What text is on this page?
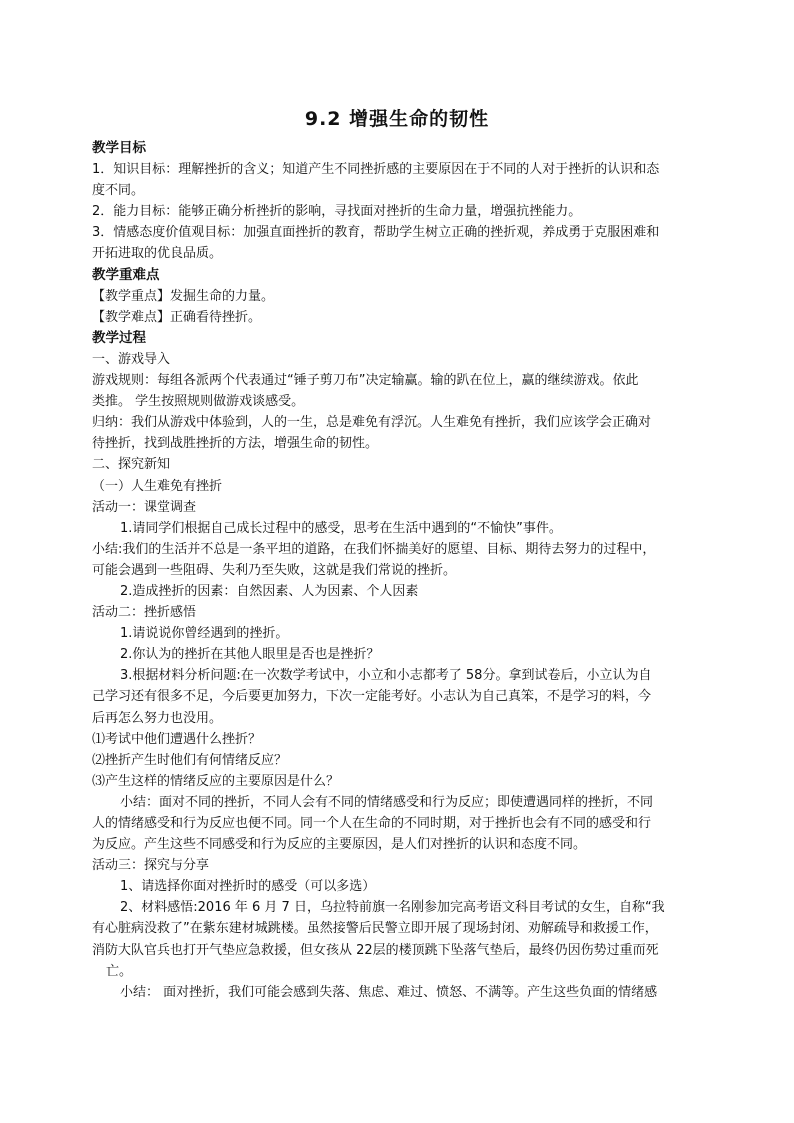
9.2 增强生命的韧性
教学目标
1．知识目标：理解挫折的含义；知道产生不同挫折感的主要原因在于不同的人对于挫折的认识和态
度不同。
2．能力目标：能够正确分析挫折的影响，寻找面对挫折的生命力量，增强抗挫能力。
3．情感态度价值观目标：加强直面挫折的教育，帮助学生树立正确的挫折观，养成勇于克服困难和
开拓进取的优良品质。
教学重难点
【教学重点】发掘生命的力量。
【教学难点】正确看待挫折。
教学过程
一、游戏导入
游戏规则：每组各派两个代表通过“锤子剪刀布”决定输赢。输的趴在位上，赢的继续游戏。依此
类推。 学生按照规则做游戏谈感受。
归纳：我们从游戏中体验到，人的一生，总是难免有浮沉。人生难免有挫折，我们应该学会正确对
待挫折，找到战胜挫折的方法，增强生命的韧性。
二、探究新知
（一）人生难免有挫折
活动一：课堂调查
1.请同学们根据自己成长过程中的感受，思考在生活中遇到的“不愉快”事件。
小结:我们的生活并不总是一条平坦的道路，在我们怀揣美好的愿望、目标、期待去努力的过程中，
可能会遇到一些阻碍、失利乃至失败，这就是我们常说的挫折。
2.造成挫折的因素：自然因素、人为因素、个人因素
活动二：挫折感悟
1.请说说你曾经遇到的挫折。
2.你认为的挫折在其他人眼里是否也是挫折？
3.根据材料分析问题:在一次数学考试中，小立和小志都考了 58分。拿到试卷后，小立认为自
己学习还有很多不足，今后要更加努力，下次一定能考好。小志认为自己真笨，不是学习的料，今
后再怎么努力也没用。
⑴考试中他们遭遇什么挫折？
⑵挫折产生时他们有何情绪反应？
⑶产生这样的情绪反应的主要原因是什么？
小结：面对不同的挫折，不同人会有不同的情绪感受和行为反应；即使遭遇同样的挫折，不同
人的情绪感受和行为反应也便不同。同一个人在生命的不同时期，对于挫折也会有不同的感受和行
为反应。产生这些不同感受和行为反应的主要原因，是人们对挫折的认识和态度不同。
活动三：探究与分享
1、请选择你面对挫折时的感受（可以多选）
2、材料感悟:2016 年 6 月 7 日，乌拉特前旗一名刚参加完高考语文科目考试的女生，自称“我
有心脏病没救了”在紫东建材城跳楼。虽然接警后民警立即开展了现场封闭、劝解疏导和救援工作，
消防大队官兵也打开气垫应急救援，但女孩从 22层的楼顶跳下坠落气垫后，最终仍因伤势过重而死
亡。
小结： 面对挫折，我们可能会感到失落、焦虑、难过、愤怒、不满等。产生这些负面的情绪感
